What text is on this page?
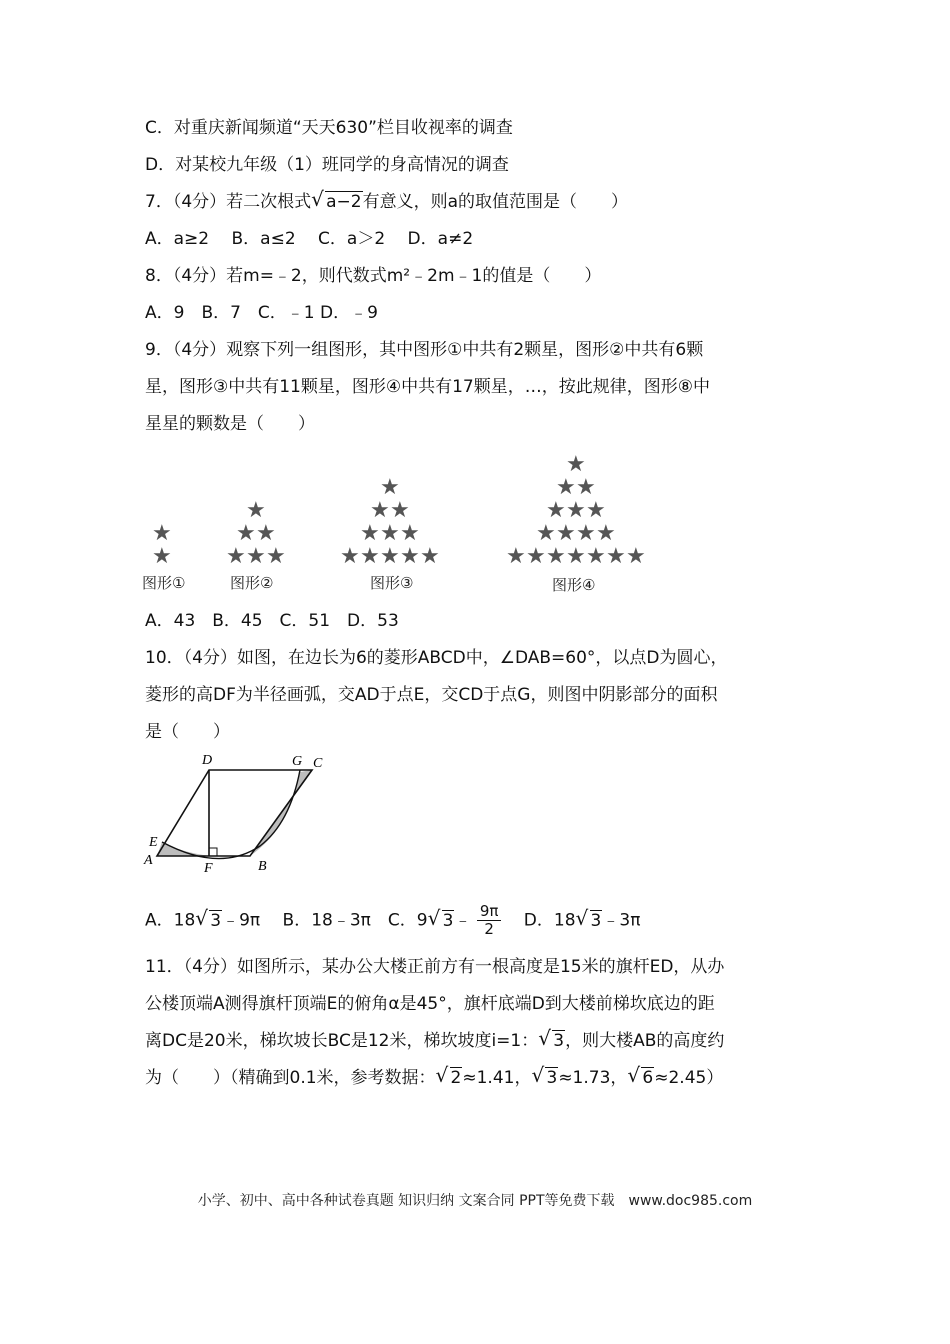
C．对重庆新闻频道“天天630”栏目收视率的调查
D．对某校九年级（1）班同学的身高情况的调查
7．（4分）若二次根式 √ a−2有意义，则a的取值范围是（　　）
A．a≥2　 B．a≤2　 C．a＞2　 D．a≠2
8．（4分）若m=﹣2，则代数式m²﹣2m﹣1的值是（　　）
A．9　B．7　C．﹣1 D．﹣9
9．（4分）观察下列一组图形，其中图形①中共有2颗星，图形②中共有6颗
星，图形③中共有11颗星，图形④中共有17颗星，…，按此规律，图形⑧中
星星的颗数是（　　）
图形①	图形②	图形③	图形④
★
★
★
★ ★
★ ★ ★
★
★ ★
★ ★ ★
★ ★ ★ ★ ★
★
★ ★
★ ★ ★
★ ★ ★ ★
★ ★ ★ ★ ★ ★ ★
A．43　B．45　C．51　D．53
10．（4分）如图，在边长为6的菱形ABCD中，∠DAB=60°，以点D为圆心，
菱形的高DF为半径画弧，交AD于点E，交CD于点G，则图中阴影部分的面积
是（　　）
D	G C
E
A
F	B
A．18 √ 3﹣9π　 B．18﹣3π　C．9 √ 3﹣ $\frac{9\pi}{2}$ 　D．18 √ 3﹣3π
11．（4分）如图所示，某办公大楼正前方有一根高度是15米的旗杆ED，从办
公楼顶端A测得旗杆顶端E的俯角α是45°，旗杆底端D到大楼前梯坎底边的距
离DC是20米，梯坎坡长BC是12米，梯坎坡度i=1： √ 3，则大楼AB的高度约
为（　　）（精确到0.1米，参考数据： √ 2≈1.41， √ 3≈1.73， √ 6≈2.45）
小学、初中、高中各种试卷真题 知识归纳 文案合同 PPT等免费下载　www.doc985.com
